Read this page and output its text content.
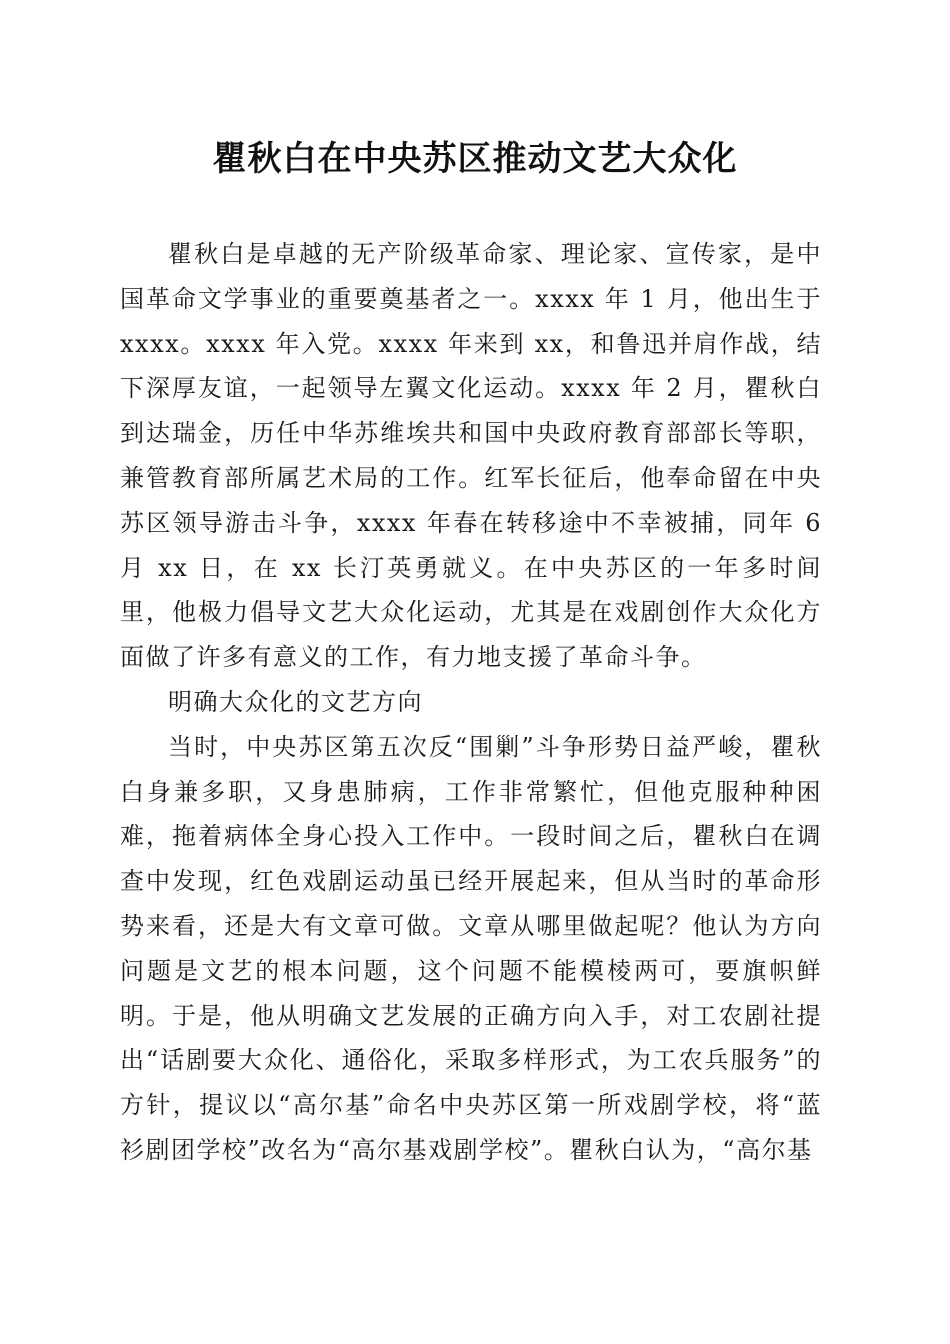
瞿秋白在中央苏区推动文艺大众化

瞿秋白是卓越的无产阶级革命家、理论家、宣传家，是中国革命文学事业的重要奠基者之一。xxxx 年 1 月，他出生于 xxxx。xxxx 年入党。xxxx 年来到 xx，和鲁迅并肩作战，结下深厚友谊，一起领导左翼文化运动。xxxx 年 2 月，瞿秋白到达瑞金，历任中华苏维埃共和国中央政府教育部部长等职，兼管教育部所属艺术局的工作。红军长征后，他奉命留在中央苏区领导游击斗争，xxxx 年春在转移途中不幸被捕，同年 6 月 xx 日，在 xx 长汀英勇就义。在中央苏区的一年多时间里，他极力倡导文艺大众化运动，尤其是在戏剧创作大众化方面做了许多有意义的工作，有力地支援了革命斗争。

明确大众化的文艺方向

当时，中央苏区第五次反“围剿”斗争形势日益严峻，瞿秋白身兼多职，又身患肺病，工作非常繁忙，但他克服种种困难，拖着病体全身心投入工作中。一段时间之后，瞿秋白在调查中发现，红色戏剧运动虽已经开展起来，但从当时的革命形势来看，还是大有文章可做。文章从哪里做起呢？他认为方向问题是文艺的根本问题，这个问题不能模棱两可，要旗帜鲜明。于是，他从明确文艺发展的正确方向入手，对工农剧社提出“话剧要大众化、通俗化，采取多样形式，为工农兵服务”的方针，提议以“高尔基”命名中央苏区第一所戏剧学校，将“蓝衫剧团学校”改名为“高尔基戏剧学校”。瞿秋白认为，“高尔基
